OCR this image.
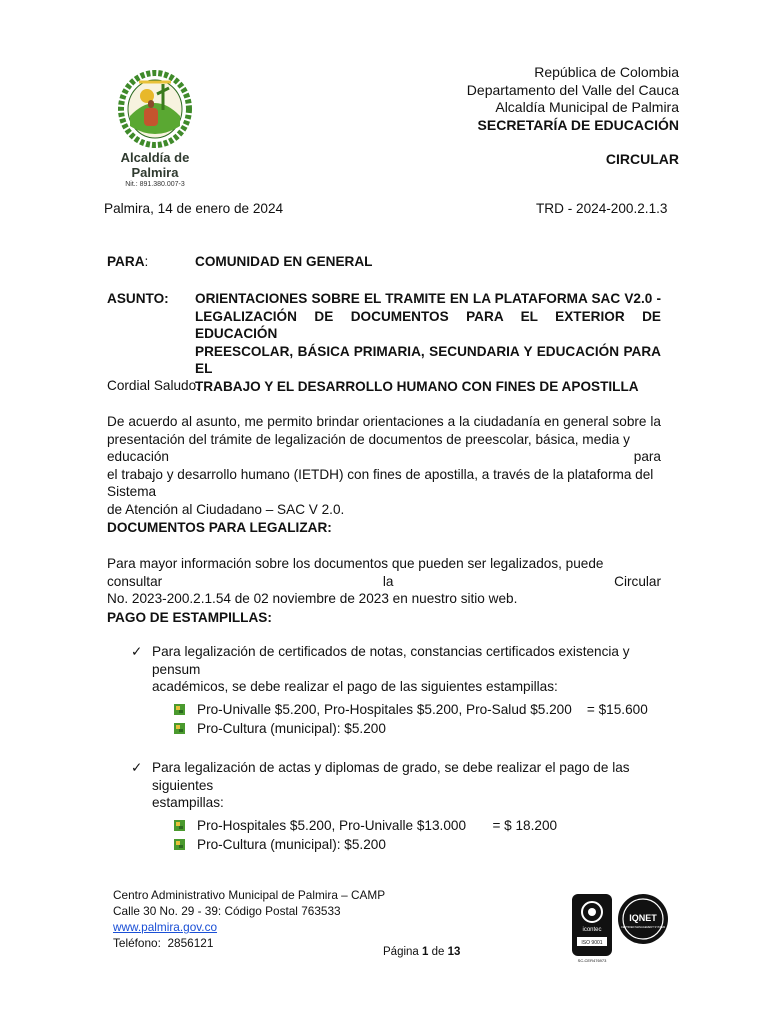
Alcaldía de Palmira
Nit.: 891.380.007-3
República de Colombia
Departamento del Valle del Cauca
Alcaldía Municipal de Palmira
SECRETARÍA DE EDUCACIÓN
CIRCULAR
Palmira, 14 de enero de 2024	TRD - 2024-200.2.1.3
PARA:	COMUNIDAD EN GENERAL
ASUNTO: ORIENTACIONES SOBRE EL TRAMITE EN LA PLATAFORMA SAC V2.0 -
LEGALIZACIÓN DE DOCUMENTOS PARA EL EXTERIOR DE EDUCACIÓN
PREESCOLAR, BÁSICA PRIMARIA, SECUNDARIA Y EDUCACIÓN PARA EL
TRABAJO Y EL DESARROLLO HUMANO CON FINES DE APOSTILLA
Cordial Saludo.
De acuerdo al asunto, me permito brindar orientaciones a la ciudadanía en general sobre la
presentación del trámite de legalización de documentos de preescolar, básica, media y educación para
el trabajo y desarrollo humano (IETDH) con fines de apostilla, a través de la plataforma del Sistema
de Atención al Ciudadano – SAC V 2.0.
DOCUMENTOS PARA LEGALIZAR:
Para mayor información sobre los documentos que pueden ser legalizados, puede consultar la Circular
No. 2023-200.2.1.54 de 02 noviembre de 2023 en nuestro sitio web.
PAGO DE ESTAMPILLAS:
✓ Para legalización de certificados de notas, constancias certificados existencia y pensum
académicos, se debe realizar el pago de las siguientes estampillas:
Pro-Univalle $5.200, Pro-Hospitales $5.200, Pro-Salud $5.200    = $15.600
Pro-Cultura (municipal): $5.200
✓ Para legalización de actas y diplomas de grado, se debe realizar el pago de las siguientes
estampillas:
Pro-Hospitales $5.200, Pro-Univalle $13.000       = $ 18.200
Pro-Cultura (municipal): $5.200
Centro Administrativo Municipal de Palmira – CAMP
Calle 30 No. 29 - 39: Código Postal 763533
www.palmira.gov.co
Teléfono: 2856121
Página 1 de 13
icontec
ISO 9001
SC-CER476973
IQNET
CERTIFIED MANAGEMENT SYSTEM
